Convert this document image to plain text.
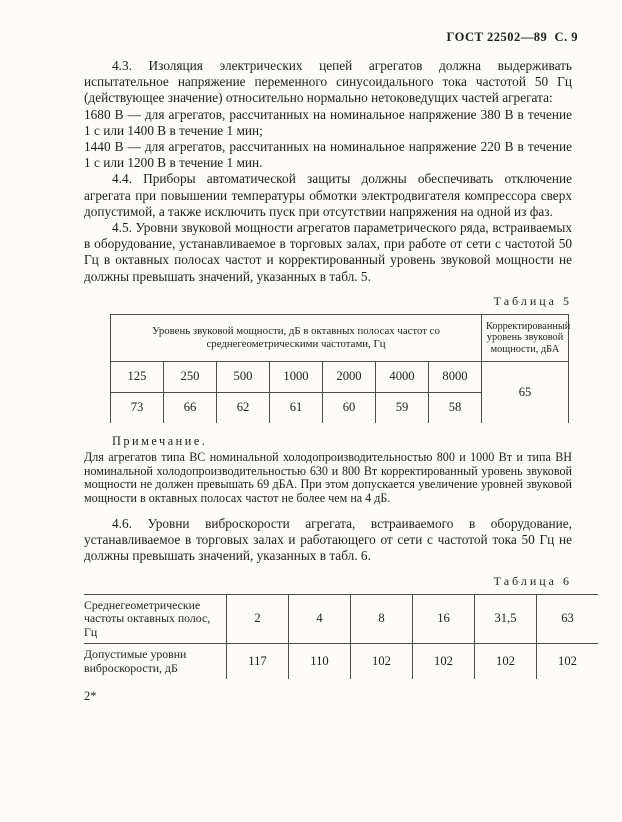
ГОСТ 22502—89  С. 9

4.3. Изоляция электрических цепей агрегатов должна выдерживать испытательное напряжение переменного синусоидального тока частотой 50 Гц (действующее значение) относительно нормально нетоковедущих частей агрегата:

1680 В — для агрегатов, рассчитанных на номинальное напряжение 380 В в течение 1 с или 1400 В в течение 1 мин;

1440 В — для агрегатов, рассчитанных на номинальное напряжение 220 В в течение 1 с или 1200 В в течение 1 мин.

4.4. Приборы автоматической защиты должны обеспечивать отключение агрегата при повышении температуры обмотки электродвигателя компрессора сверх допустимой, а также исключить пуск при отсутствии напряжения на одной из фаз.

4.5. Уровни звуковой мощности агрегатов параметрического ряда, встраиваемых в оборудование, устанавливаемое в торговых залах, при работе от сети с частотой 50 Гц в октавных полосах частот и корректированный уровень звуковой мощности не должны превышать значений, указанных в табл. 5.

Таблица 5
Уровень звуковой мощности, дБ в октавных полосах частот со среднегеометрическими частотами, Гц							Корректированный уровень звуковой мощности, дБА
125	250	500	1000	2000	4000	8000	65
73	66	62	61	60	59	58	
Примечание.

Для агрегатов типа ВС номинальной холодопроизводительностью 800 и 1000 Вт и типа ВН номинальной холодопроизводительностью 630 и 800 Вт корректированный уровень звуковой мощности не должен превышать 69 дБА. При этом допускается увеличение уровней звуковой мощности в октавных полосах частот не более чем на 4 дБ.

4.6. Уровни виброскорости агрегата, встраиваемого в оборудование, устанавливаемое в торговых залах и работающего от сети с частотой тока 50 Гц не должны превышать значений, указанных в табл. 6.

Таблица 6
Среднегеометрические частоты октавных полос, Гц	2	4	8	16	31,5	63
Допустимые уровни виброскорости, дБ	117	110	102	102	102	102
2*
